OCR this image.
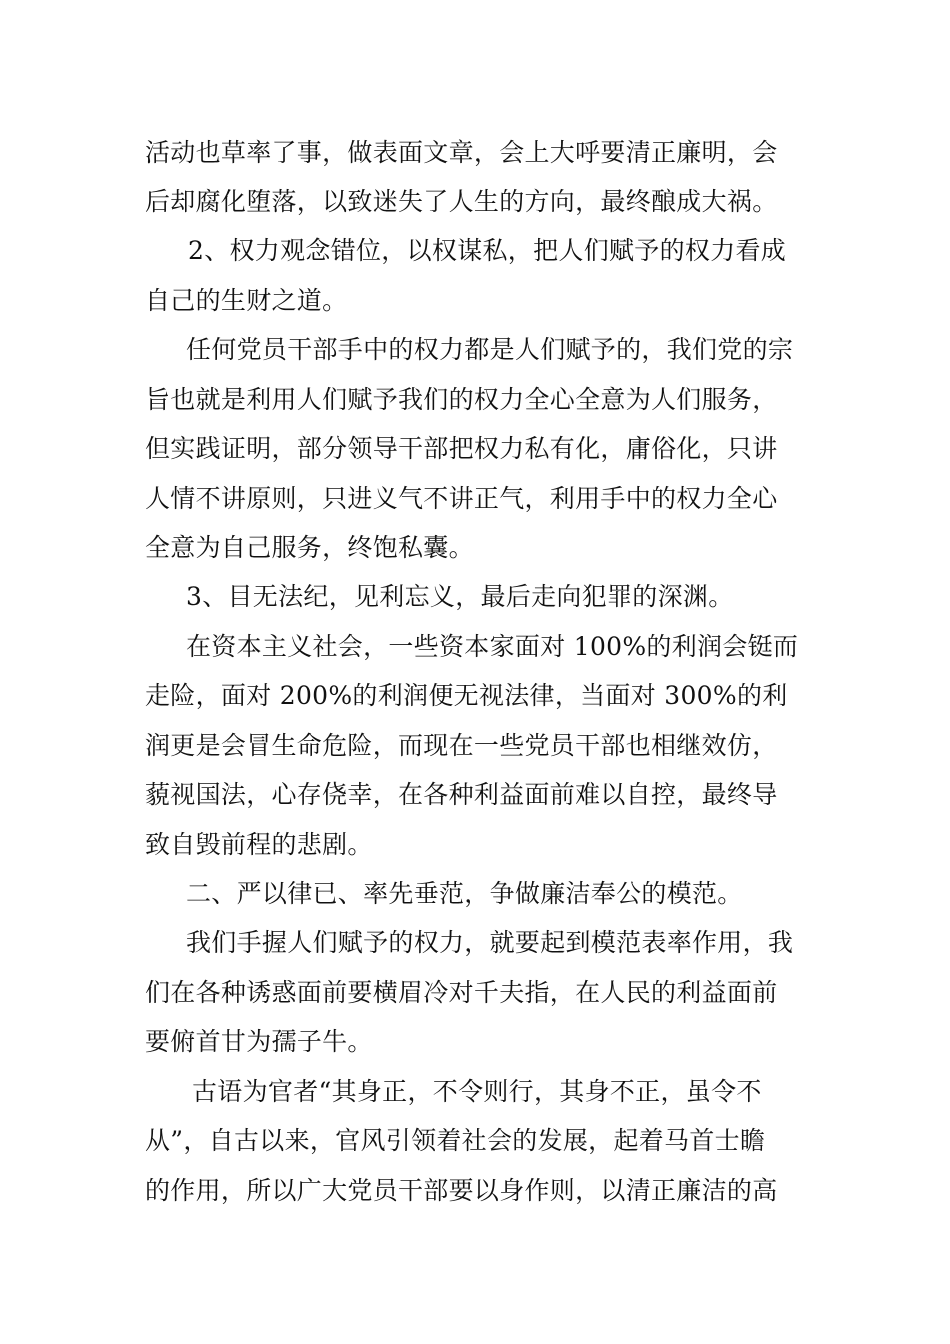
活动也草率了事，做表面文章，会上大呼要清正廉明，会
后却腐化堕落，以致迷失了人生的方向，最终酿成大祸。
2、权力观念错位，以权谋私，把人们赋予的权力看成
自己的生财之道。
任何党员干部手中的权力都是人们赋予的，我们党的宗
旨也就是利用人们赋予我们的权力全心全意为人们服务，
但实践证明，部分领导干部把权力私有化，庸俗化，只讲
人情不讲原则，只进义气不讲正气，利用手中的权力全心
全意为自己服务，终饱私囊。
3、目无法纪，见利忘义，最后走向犯罪的深渊。
在资本主义社会，一些资本家面对 100%的利润会铤而
走险，面对 200%的利润便无视法律，当面对 300%的利
润更是会冒生命危险，而现在一些党员干部也相继效仿，
藐视国法，心存侥幸，在各种利益面前难以自控，最终导
致自毁前程的悲剧。
二、严以律已、率先垂范，争做廉洁奉公的模范。
我们手握人们赋予的权力，就要起到模范表率作用，我
们在各种诱惑面前要横眉冷对千夫指，在人民的利益面前
要俯首甘为孺子牛。
古语为官者“其身正，不令则行，其身不正，虽令不
从”，自古以来，官风引领着社会的发展，起着马首士瞻
的作用，所以广大党员干部要以身作则，以清正廉洁的高
